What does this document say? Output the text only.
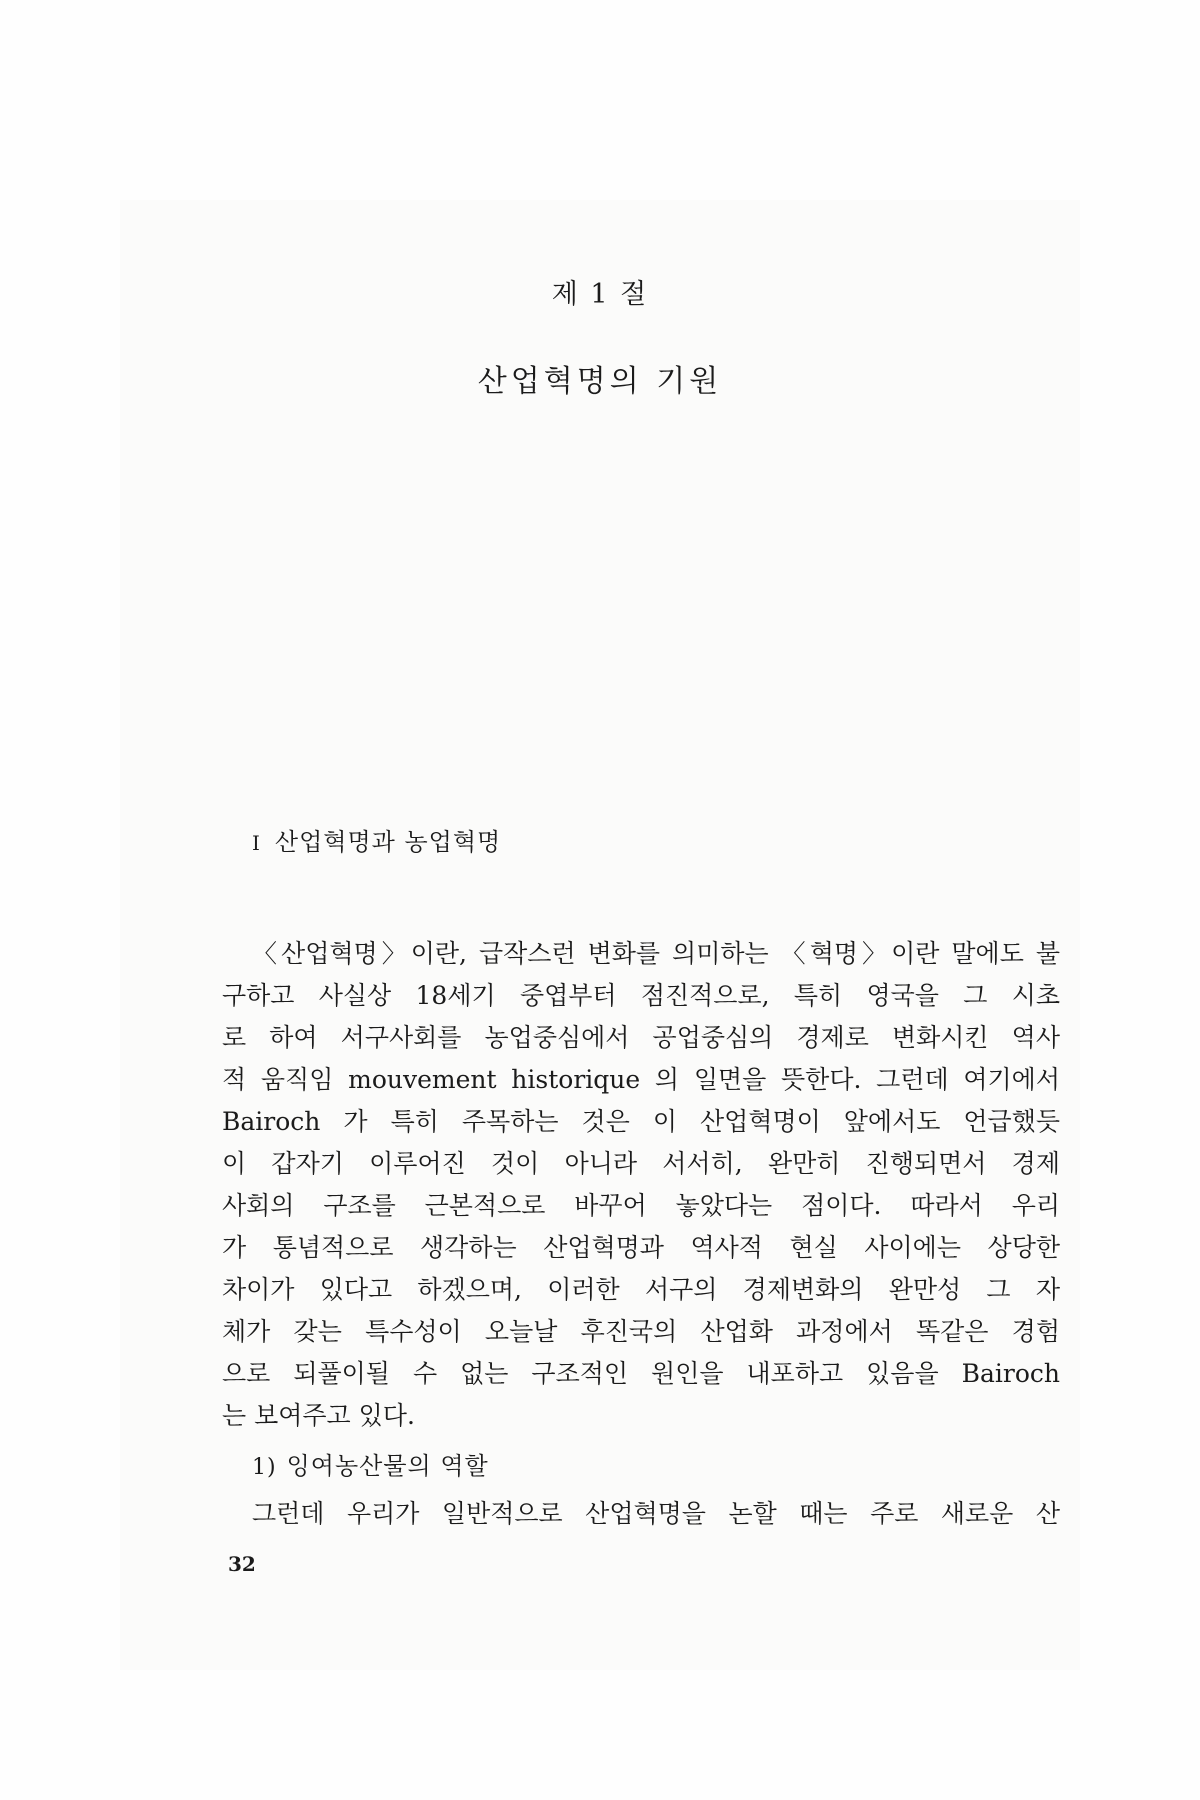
제 1 절
산업혁명의 기원
I 산업혁명과 농업혁명
〈산업혁명〉이란, 급작스런 변화를 의미하는 〈혁명〉이란 말에도 불
구하고 사실상 18세기 중엽부터 점진적으로, 특히 영국을 그 시초
로 하여 서구사회를 농업중심에서 공업중심의 경제로 변화시킨 역사
적 움직임 mouvement historique 의 일면을 뜻한다. 그런데 여기에서
Bairoch 가 특히 주목하는 것은 이 산업혁명이 앞에서도 언급했듯
이 갑자기 이루어진 것이 아니라 서서히, 완만히 진행되면서 경제
사회의 구조를 근본적으로 바꾸어 놓았다는 점이다. 따라서 우리
가 통념적으로 생각하는 산업혁명과 역사적 현실 사이에는 상당한
차이가 있다고 하겠으며, 이러한 서구의 경제변화의 완만성 그 자
체가 갖는 특수성이 오늘날 후진국의 산업화 과정에서 똑같은 경험
으로 되풀이될 수 없는 구조적인 원인을 내포하고 있음을 Bairoch
는 보여주고 있다.
1) 잉여농산물의 역할
그런데 우리가 일반적으로 산업혁명을 논할 때는 주로 새로운 산
32
